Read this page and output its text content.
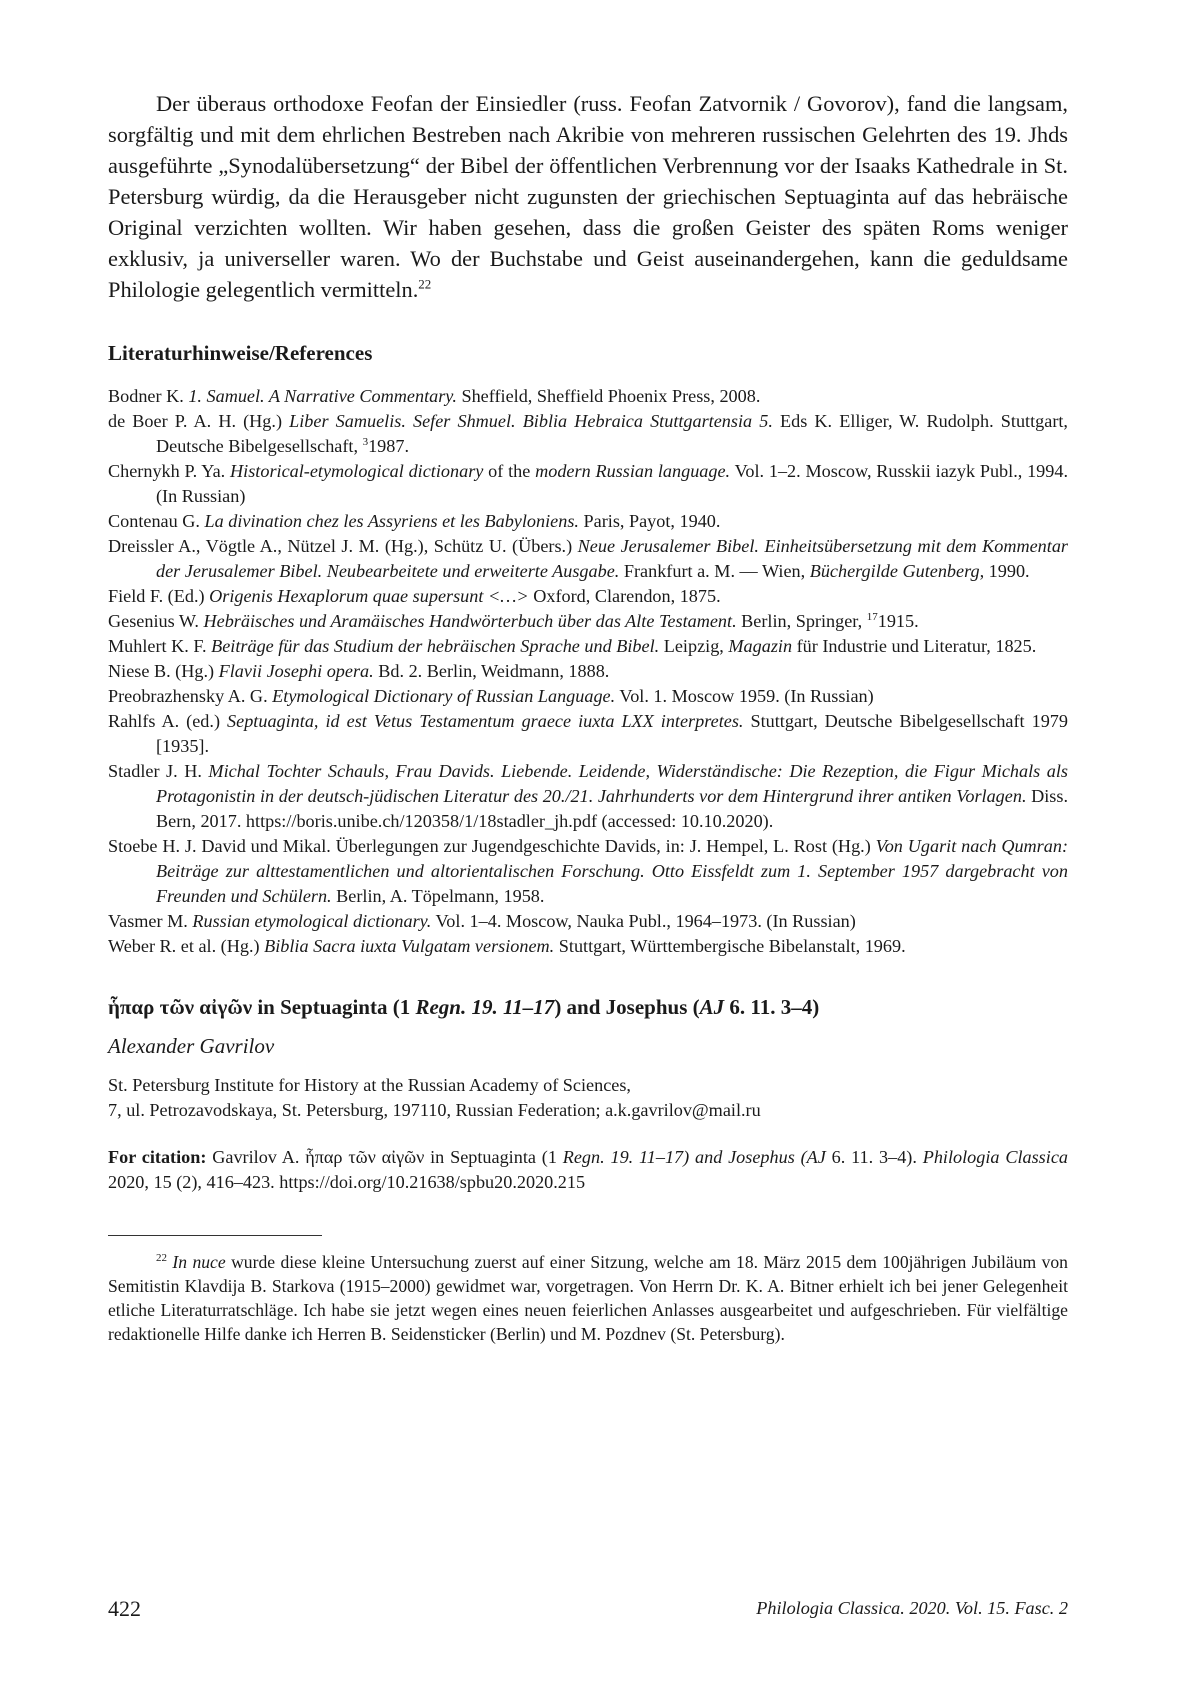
Der überaus orthodoxe Feofan der Einsiedler (russ. Feofan Zatvornik / Govorov), fand die langsam, sorgfältig und mit dem ehrlichen Bestreben nach Akribie von mehreren russischen Gelehrten des 19. Jhds ausgeführte „Synodalübersetzung“ der Bibel der öffentlichen Verbrennung vor der Isaaks Kathedrale in St. Petersburg würdig, da die Herausgeber nicht zugunsten der griechischen Septuaginta auf das hebräische Original verzichten wollten. Wir haben gesehen, dass die großen Geister des späten Roms weniger exklusiv, ja universeller waren. Wo der Buchstabe und Geist auseinandergehen, kann die geduldsame Philologie gelegentlich vermitteln.$^{22}$

Literaturhinweise/References
Bodner K. 1. Samuel. A Narrative Commentary. Sheffield, Sheffield Phoenix Press, 2008.
de Boer P. A. H. (Hg.) Liber Samuelis. Sefer Shmuel. Biblia Hebraica Stuttgartensia 5. Eds K. Elliger, W. Rudolph. Stuttgart, Deutsche Bibelgesellschaft, $^3$1987.
Chernykh P. Ya. Historical-etymological dictionary of the modern Russian language. Vol. 1–2. Moscow, Russkii iazyk Publ., 1994. (In Russian)
Contenau G. La divination chez les Assyriens et les Babyloniens. Paris, Payot, 1940.
Dreissler A., Vögtle A., Nützel J. M. (Hg.), Schütz U. (Übers.) Neue Jerusalemer Bibel. Einheitsübersetzung mit dem Kommentar der Jerusalemer Bibel. Neubearbeitete und erweiterte Ausgabe. Frankfurt a. M. — Wien, Büchergilde Gutenberg, 1990.
Field F. (Ed.) Origenis Hexaplorum quae supersunt <…> Oxford, Clarendon, 1875.
Gesenius W. Hebräisches und Aramäisches Handwörterbuch über das Alte Testament. Berlin, Springer, $^{17}$1915.
Muhlert K. F. Beiträge für das Studium der hebräischen Sprache und Bibel. Leipzig, Magazin für Industrie und Literatur, 1825.
Niese B. (Hg.) Flavii Josephi opera. Bd. 2. Berlin, Weidmann, 1888.
Preobrazhensky A. G. Etymological Dictionary of Russian Language. Vol. 1. Moscow 1959. (In Russian)
Rahlfs A. (ed.) Septuaginta, id est Vetus Testamentum graece iuxta LXX interpretes. Stuttgart, Deutsche Bibelgesellschaft 1979 [1935].
Stadler J. H. Michal Tochter Schauls, Frau Davids. Liebende. Leidende, Widerständische: Die Rezeption, die Figur Michals als Protagonistin in der deutsch-jüdischen Literatur des 20./21. Jahrhunderts vor dem Hintergrund ihrer antiken Vorlagen. Diss. Bern, 2017. https://boris.unibe.ch/120358/1/18stadler_jh.pdf (accessed: 10.10.2020).
Stoebe H. J. David und Mikal. Überlegungen zur Jugendgeschichte Davids, in: J. Hempel, L. Rost (Hg.) Von Ugarit nach Qumran: Beiträge zur alttestamentlichen und altorientalischen Forschung. Otto Eissfeldt zum 1. September 1957 dargebracht von Freunden und Schülern. Berlin, A. Töpelmann, 1958.
Vasmer M. Russian etymological dictionary. Vol. 1–4. Moscow, Nauka Publ., 1964–1973. (In Russian)
Weber R. et al. (Hg.) Biblia Sacra iuxta Vulgatam versionem. Stuttgart, Württembergische Bibelanstalt, 1969.
ἧπαρ τῶν αἰγῶν in Septuaginta (1 Regn. 19. 11–17) and Josephus (AJ 6. 11. 3–4)
Alexander Gavrilov
St. Petersburg Institute for History at the Russian Academy of Sciences,
7, ul. Petrozavodskaya, St. Petersburg, 197110, Russian Federation; a.k.gavrilov@mail.ru
For citation: Gavrilov A. ἧπαρ τῶν αἰγῶν in Septuaginta (1 Regn. 19. 11–17) and Josephus (AJ 6. 11. 3–4). Philologia Classica 2020, 15 (2), 416–423. https://doi.org/10.21638/spbu20.2020.215

$^{22}$ In nuce wurde diese kleine Untersuchung zuerst auf einer Sitzung, welche am 18. März 2015 dem 100jährigen Jubiläum von Semitistin Klavdija B. Starkova (1915–2000) gewidmet war, vorgetragen. Von Herrn Dr. K. A. Bitner erhielt ich bei jener Gelegenheit etliche Literaturratschläge. Ich habe sie jetzt wegen eines neuen feierlichen Anlasses ausgearbeitet und aufgeschrieben. Für vielfältige redaktionelle Hilfe danke ich Herren B. Seidensticker (Berlin) und M. Pozdnev (St. Petersburg).

422	Philologia Classica. 2020. Vol. 15. Fasc. 2
